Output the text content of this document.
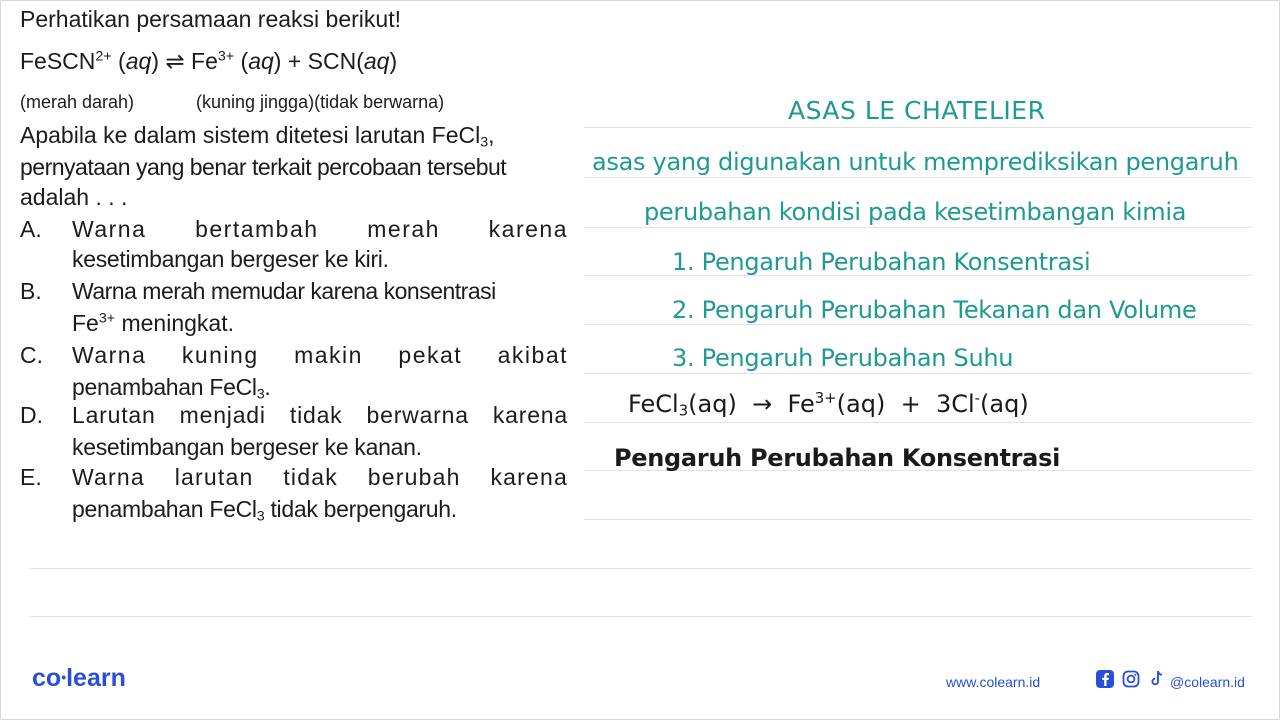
Perhatikan persamaan reaksi berikut!
FeSCN$^{2+}$ (aq) ⇌ $Fe^{3+}$ (aq) + SCN(aq)
(merah darah)	(kuning jingga)(tidak berwarna)
Apabila ke dalam sistem ditetesi larutan FeCl$_3$,
pernyataan yang benar terkait percobaan tersebut
adalah . . .
A.	Warna bertambah merah karena
kesetimbangan bergeser ke kiri.
B.	Warna merah memudar karena konsentrasi
$Fe^{3+}$ meningkat.
C.	Warna kuning makin pekat akibat
penambahan FeCl$_3$.
D.	Larutan menjadi tidak berwarna karena
kesetimbangan bergeser ke kanan.
E.	Warna larutan tidak berubah karena
penambahan FeCl$_3$ tidak berpengaruh.
ASAS LE CHATELIER
asas yang digunakan untuk memprediksikan pengaruh
perubahan kondisi pada kesetimbangan kimia
1. Pengaruh Perubahan Konsentrasi
2. Pengaruh Perubahan Tekanan dan Volume
3. Pengaruh Perubahan Suhu
FeCl$_3$(aq)  →  $Fe^{3+}(aq) + 3Cl^-(aq)$
Pengaruh Perubahan Konsentrasi
co•learn	www.colearn.id	@colearn.id
